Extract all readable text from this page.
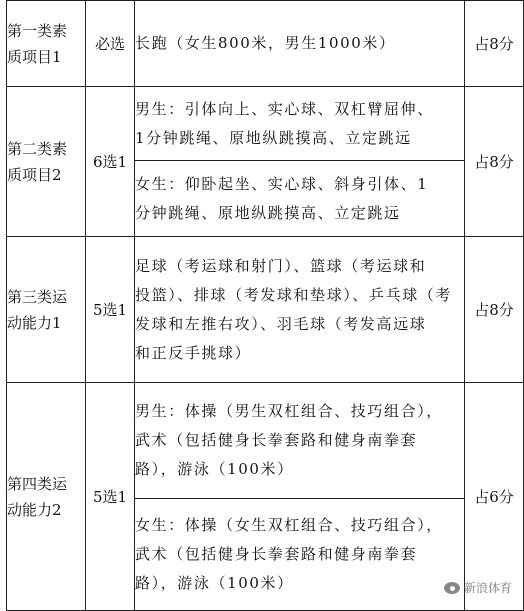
第一类素
质项目1	必选	长跑（女生800米，男生1000米）	占8分

第二类素
质项目2	6选1	男生：引体向上、实心球、双杠臂屈伸、
1分钟跳绳、原地纵跳摸高、立定跳远	占8分

		女生：仰卧起坐、实心球、斜身引体、1
分钟跳绳、原地纵跳摸高、立定跳远	

第三类运
动能力1	5选1	足球（考运球和射门）、篮球（考运球和
投篮）、排球（考发球和垫球）、乒乓球（考
发球和左推右攻）、羽毛球（考发高远球
和正反手挑球）	占8分

第四类运
动能力2	5选1	男生：体操（男生双杠组合、技巧组合），
武术（包括健身长拳套路和健身南拳套
路），游泳（100米）	占6分

		女生：体操（女生双杠组合、技巧组合），
武术（包括健身长拳套路和健身南拳套
路），游泳（100米）		新浪体育
